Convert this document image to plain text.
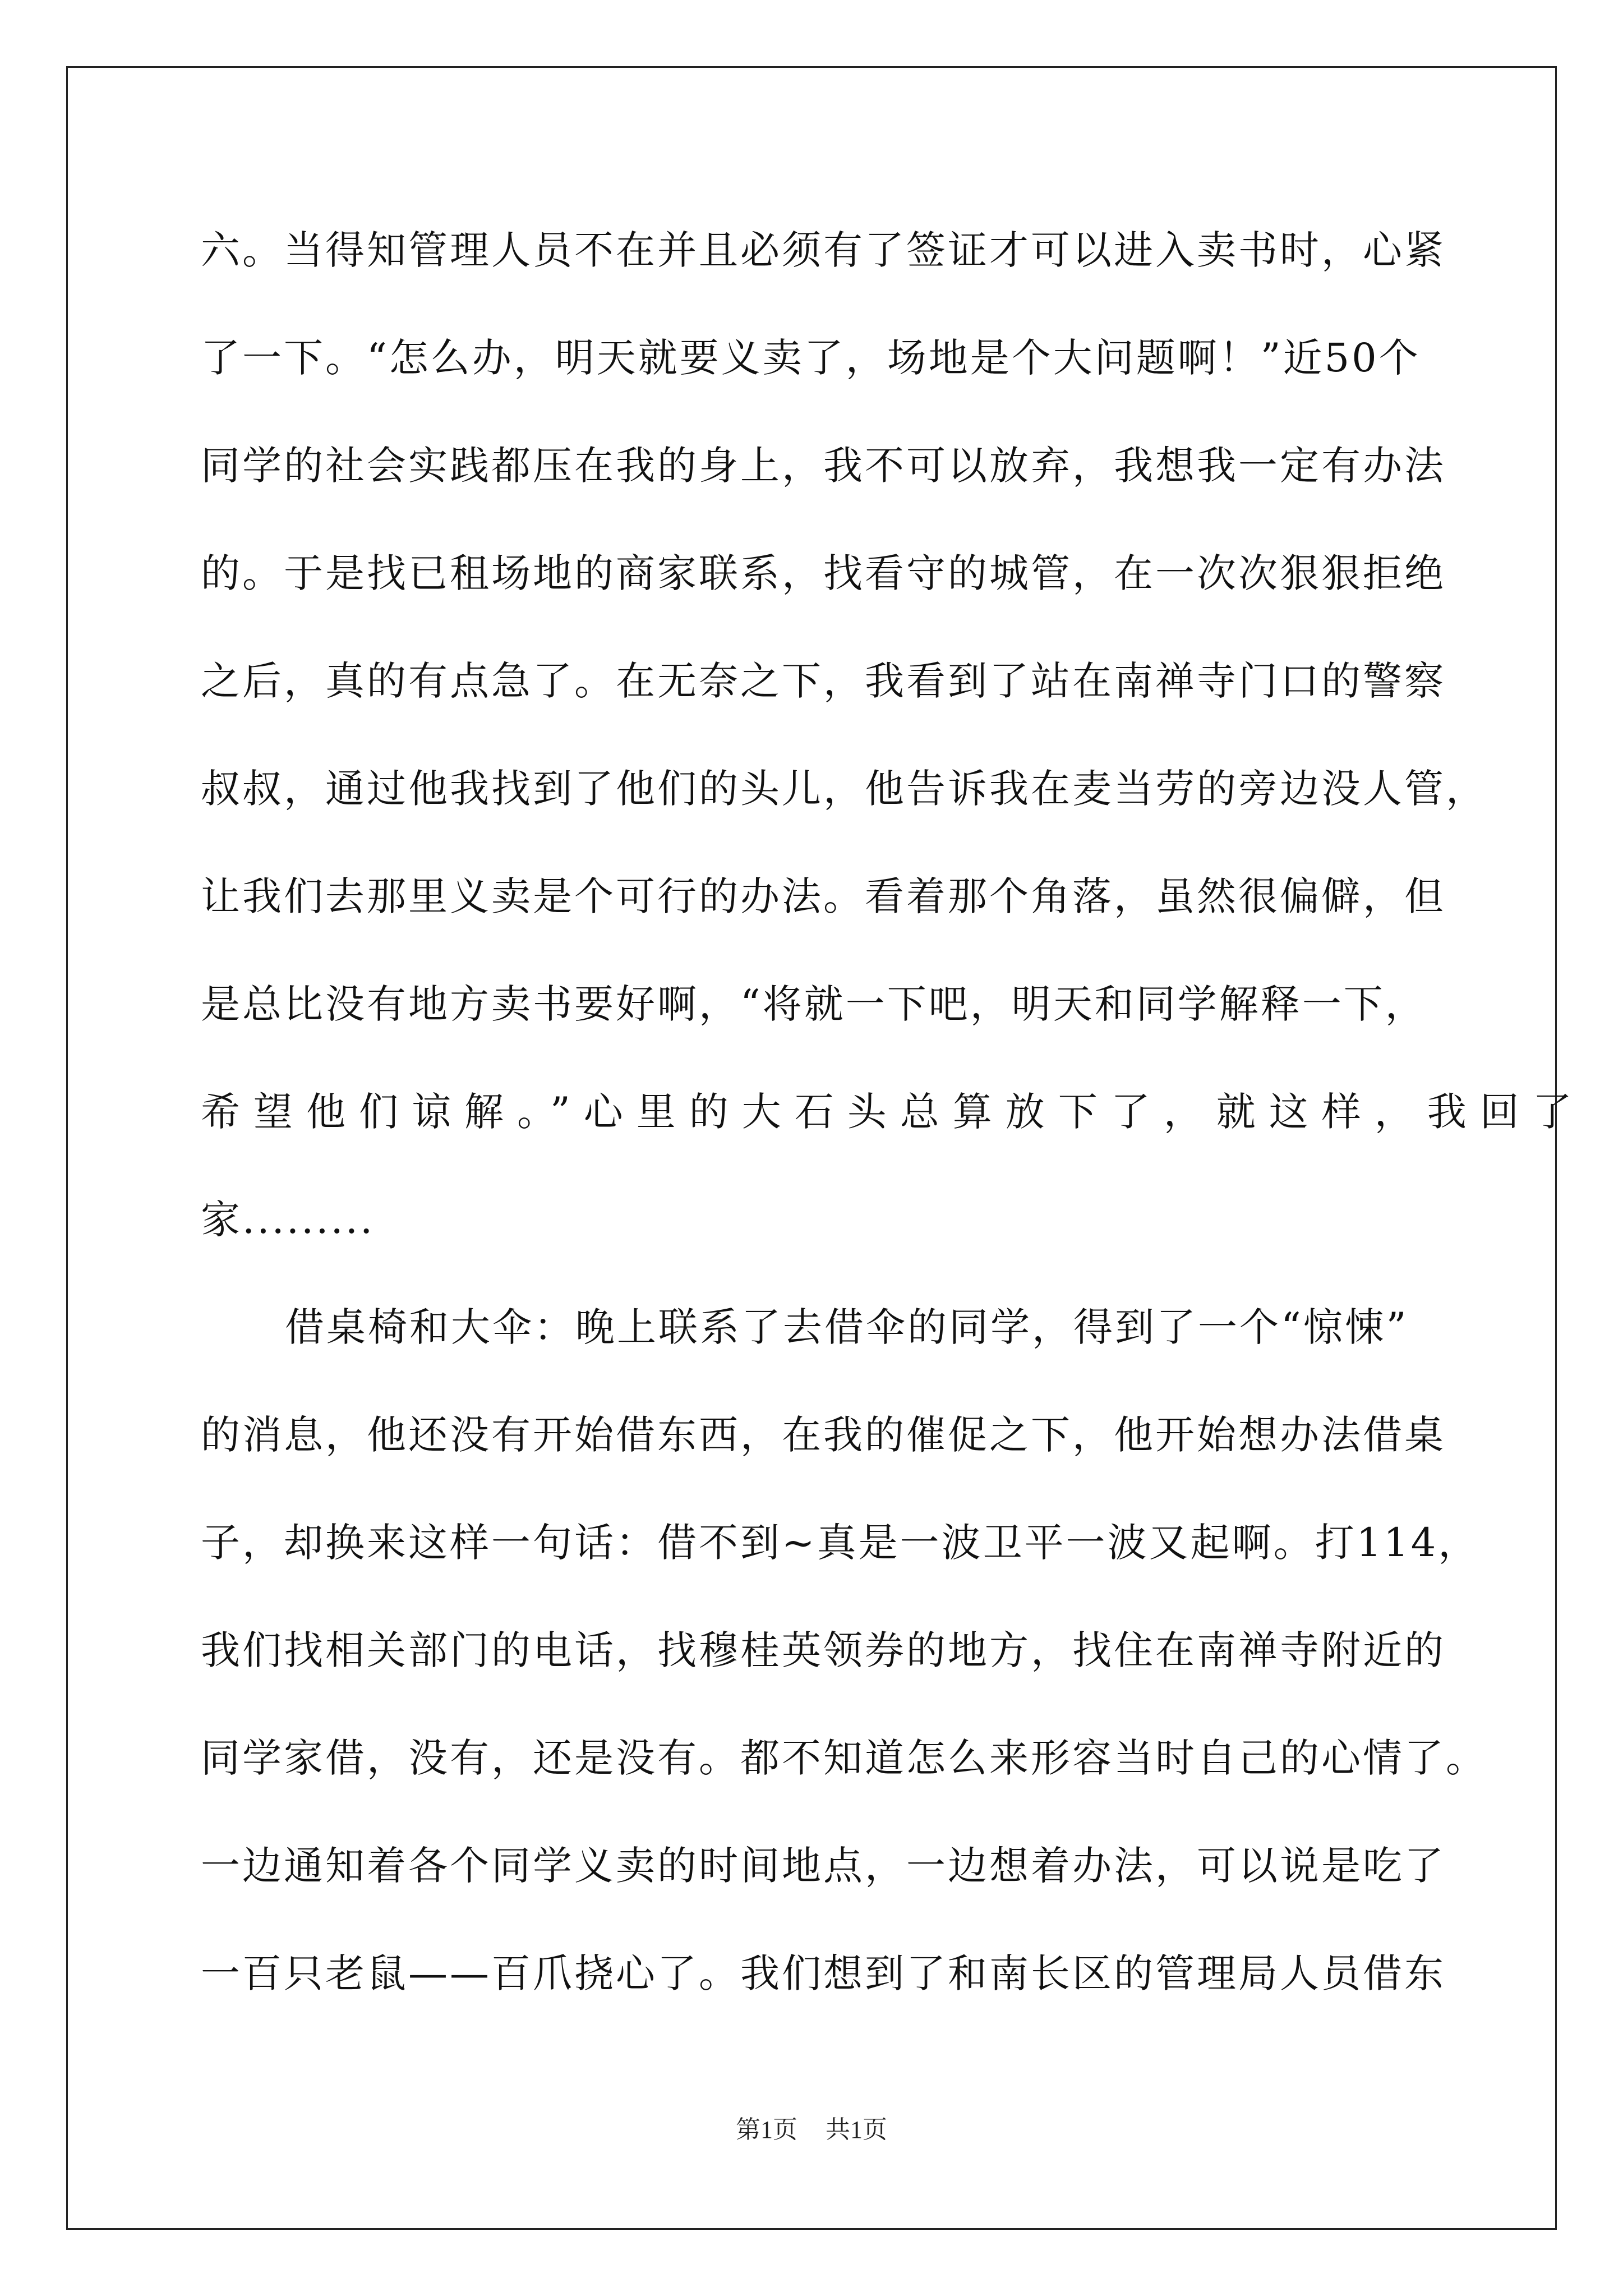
六。当得知管理人员不在并且必须有了签证才可以进入卖书时，心紧
了一下。“怎么办，明天就要义卖了，场地是个大问题啊！”近50个
同学的社会实践都压在我的身上，我不可以放弃，我想我一定有办法
的。于是找已租场地的商家联系，找看守的城管，在一次次狠狠拒绝
之后，真的有点急了。在无奈之下，我看到了站在南禅寺门口的警察
叔叔，通过他我找到了他们的头儿，他告诉我在麦当劳的旁边没人管，
让我们去那里义卖是个可行的办法。看着那个角落，虽然很偏僻，但
是总比没有地方卖书要好啊，“将就一下吧，明天和同学解释一下，
希望他们谅解。”心里的大石头总算放下了，就这样，我回了
家.........
借桌椅和大伞：晚上联系了去借伞的同学，得到了一个“惊悚”
的消息，他还没有开始借东西，在我的催促之下，他开始想办法借桌
子，却换来这样一句话：借不到~真是一波卫平一波又起啊。打114，
我们找相关部门的电话，找穆桂英领券的地方，找住在南禅寺附近的
同学家借，没有，还是没有。都不知道怎么来形容当时自己的心情了。
一边通知着各个同学义卖的时间地点，一边想着办法，可以说是吃了
一百只老鼠——百爪挠心了。我们想到了和南长区的管理局人员借东
第1页 共1页
